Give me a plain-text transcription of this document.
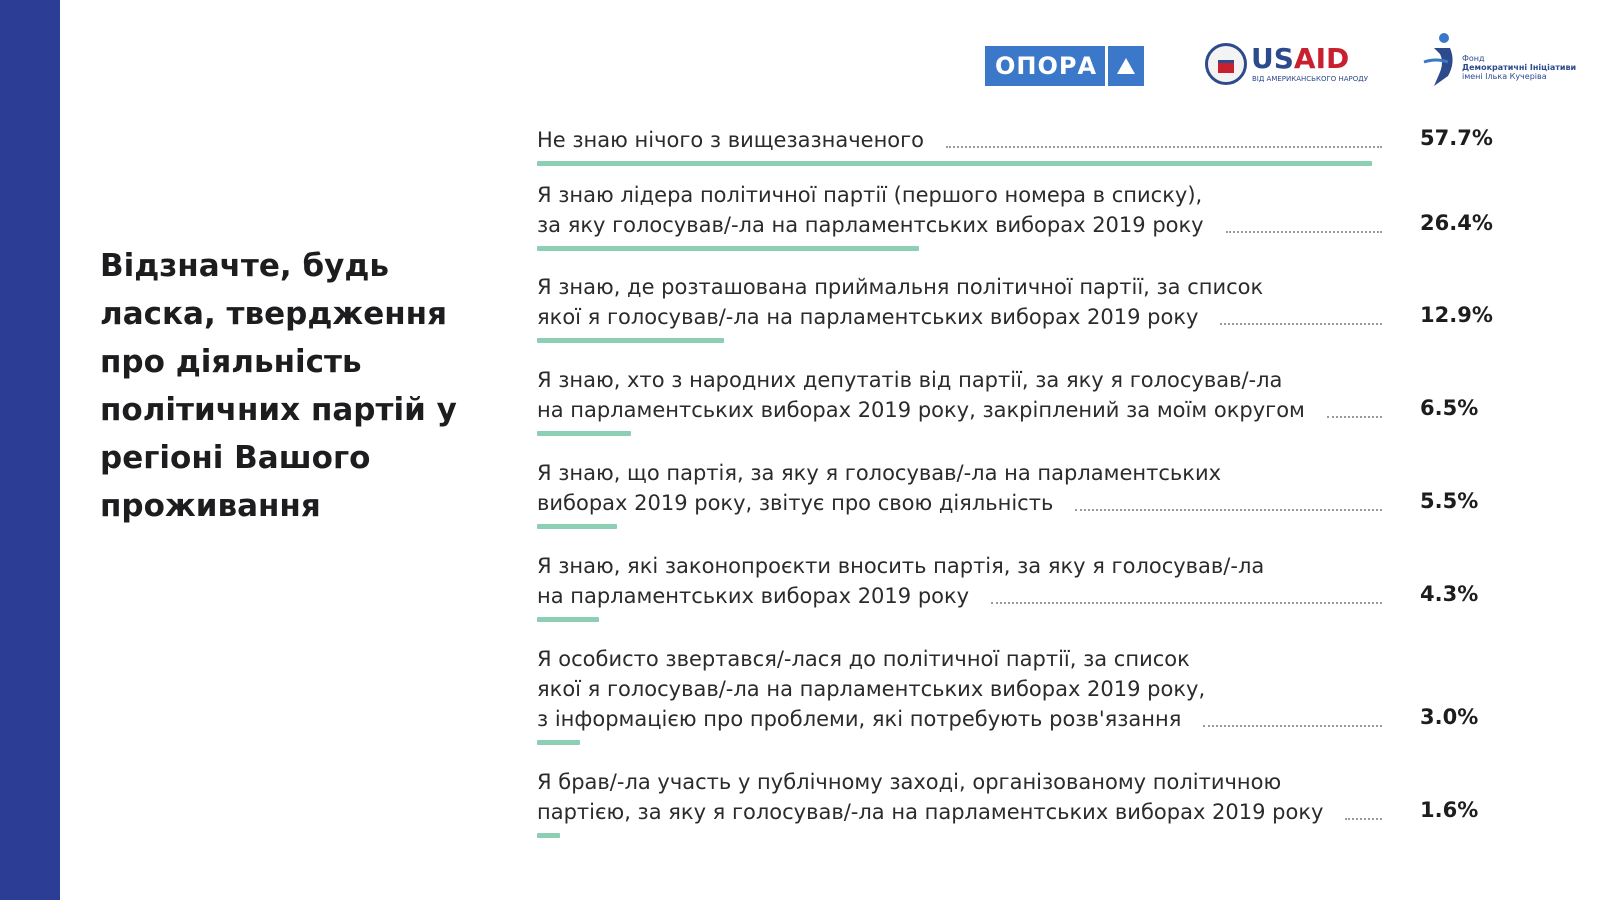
Відзначте, будь ласка, твердження про діяльність політичних партій у регіоні Вашого проживання
ОПОРА	USAID
ВІД АМЕРИКАНСЬКОГО НАРОДУ
Фонд
Демократичні Ініціативи
імені Ілька Кучеріва
Не знаю нічого з вищезазначеного	57.7%
Я знаю лідера політичної партії (першого номера в списку),
за яку голосував/-ла на парламентських виборах 2019 року	26.4%
Я знаю, де розташована приймальня політичної партії, за список
якої я голосував/-ла на парламентських виборах 2019 року	12.9%
Я знаю, хто з народних депутатів від партії, за яку я голосував/-ла
на парламентських виборах 2019 року, закріплений за моїм округом	6.5%
Я знаю, що партія, за яку я голосував/-ла на парламентських
виборах 2019 року, звітує про свою діяльність	5.5%
Я знаю, які законопроєкти вносить партія, за яку я голосував/-ла
на парламентських виборах 2019 року	4.3%
Я особисто звертався/-лася до політичної партії, за список
якої я голосував/-ла на парламентських виборах 2019 року,
з інформацією про проблеми, які потребують розв'язання	3.0%
Я брав/-ла участь у публічному заході, організованому політичною
партією, за яку я голосував/-ла на парламентських виборах 2019 року	1.6%
